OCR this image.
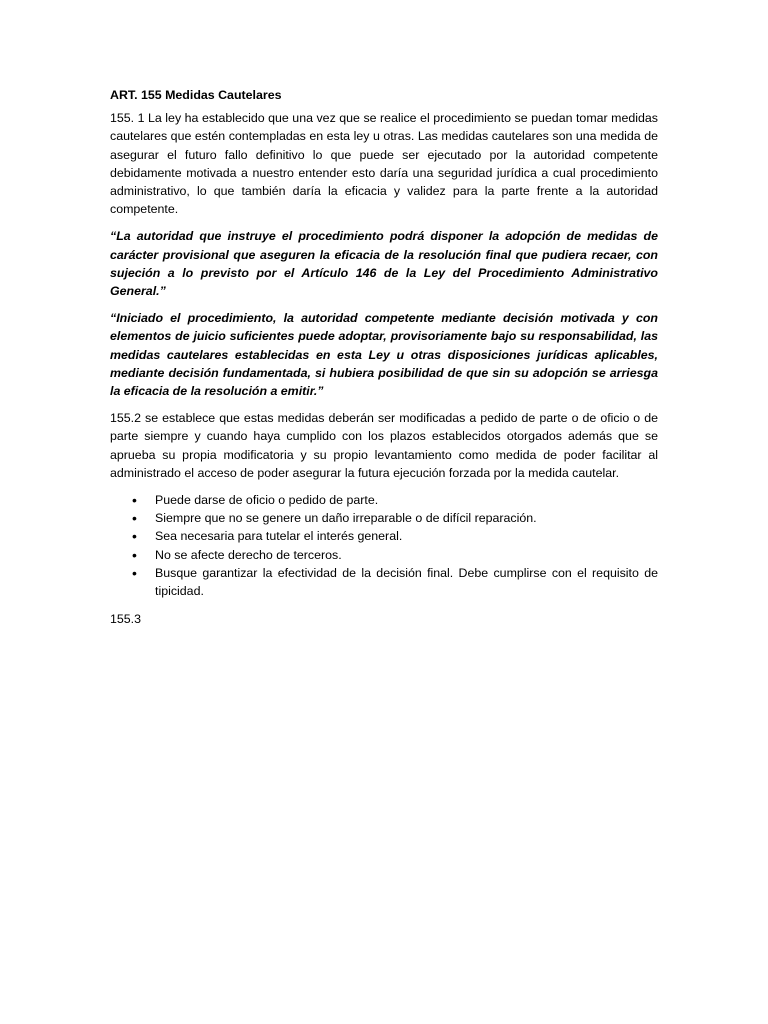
ART. 155 Medidas Cautelares

155. 1 La ley ha establecido que una vez que se realice el procedimiento se puedan tomar medidas cautelares que estén contempladas en esta ley u otras. Las medidas cautelares son una medida de asegurar el futuro fallo definitivo lo que puede ser ejecutado por la autoridad competente debidamente motivada a nuestro entender esto daría una seguridad jurídica a cual procedimiento administrativo, lo que también daría la eficacia y validez para la parte frente a la autoridad competente.

“La autoridad que instruye el procedimiento podrá disponer la adopción de medidas de carácter provisional que aseguren la eficacia de la resolución final que pudiera recaer, con sujeción a lo previsto por el Artículo 146 de la Ley del Procedimiento Administrativo General.”

“Iniciado el procedimiento, la autoridad competente mediante decisión motivada y con elementos de juicio suficientes puede adoptar, provisoriamente bajo su responsabilidad, las medidas cautelares establecidas en esta Ley u otras disposiciones jurídicas aplicables, mediante decisión fundamentada, si hubiera posibilidad de que sin su adopción se arriesga la eficacia de la resolución a emitir.”

155.2 se establece que estas medidas deberán ser modificadas a pedido de parte o de oficio o de parte siempre y cuando haya cumplido con los plazos establecidos otorgados además que se aprueba su propia modificatoria y su propio levantamiento como medida de poder facilitar al administrado el acceso de poder asegurar la futura ejecución forzada por la medida cautelar.

• Puede darse de oficio o pedido de parte.
• Siempre que no se genere un daño irreparable o de difícil reparación.
• Sea necesaria para tutelar el interés general.
• No se afecte derecho de terceros.
• Busque garantizar la efectividad de la decisión final. Debe cumplirse con el requisito de tipicidad.
155.3
